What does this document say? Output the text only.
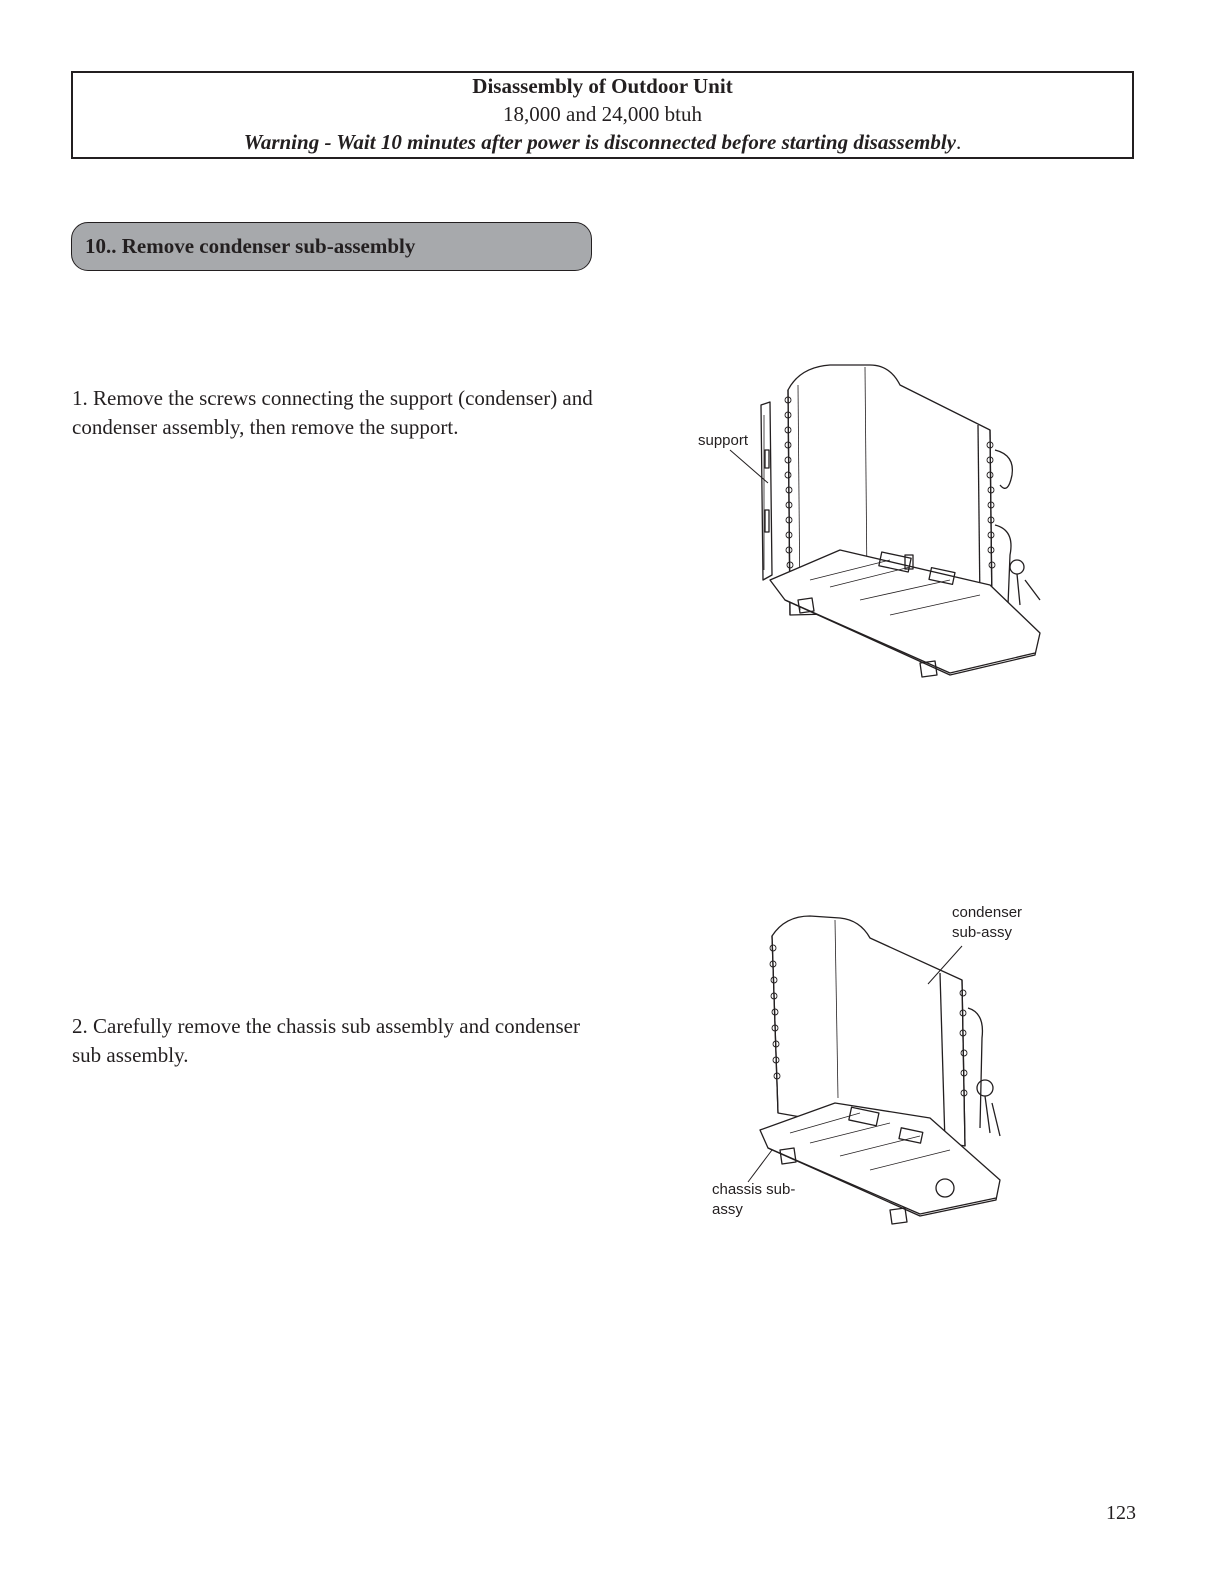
Disassembly of Outdoor Unit
18,000 and 24,000 btuh
Warning - Wait 10 minutes after power is disconnected before starting disassembly.
10.. Remove condenser sub-assembly

1. Remove the screws connecting the support (condenser) and condenser assembly, then remove the support.

2. Carefully remove the chassis sub assembly and condenser sub assembly.

support
condenser
sub-assy
chassis sub-
assy
123
